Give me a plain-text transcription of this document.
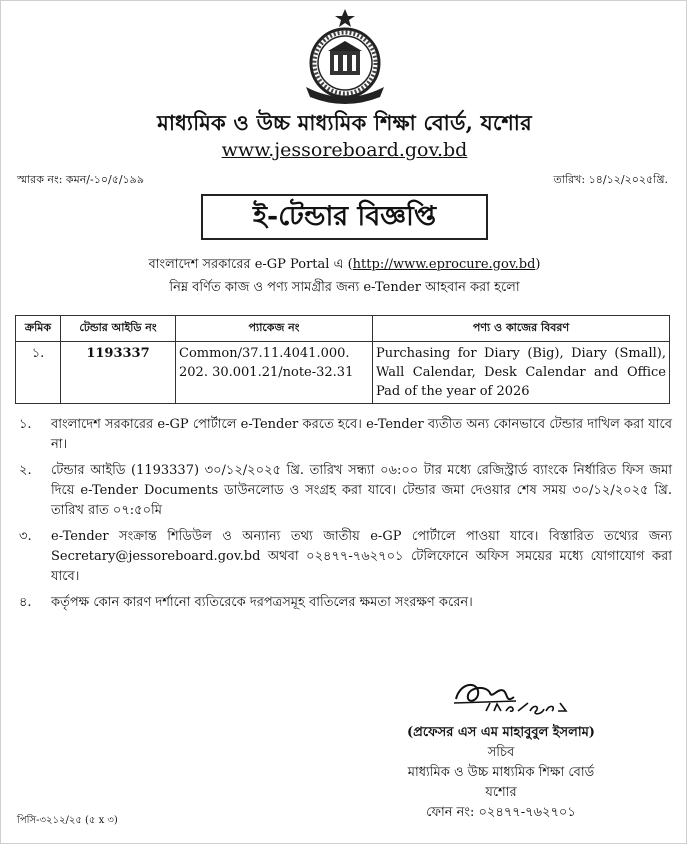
মাধ্যমিক ও উচ্চ মাধ্যমিক শিক্ষা বোর্ড, যশোর
www.jessoreboard.gov.bd
স্মারক নং: কমন/-১০/৫/১৯৯	তারিখ: ১৪/১২/২০২৫খ্রি.
ই-টেন্ডার বিজ্ঞপ্তি
বাংলাদেশ সরকারের e-GP Portal এ (http://www.eprocure.gov.bd)
নিম্ন বর্ণিত কাজ ও পণ্য সামগ্রীর জন্য e-Tender আহবান করা হলো
ক্রমিক	টেন্ডার আইডি নং	প্যাকেজ নং	পণ্য ও কাজের বিবরণ
১.	1193337	Common/37.11.4041.000. 202. 30.001.21/note-32.31	Purchasing for Diary (Big), Diary (Small), Wall Calendar, Desk Calendar and Office Pad of the year of 2026
১. বাংলাদেশ সরকারের e-GP পোর্টালে e-Tender করতে হবে। e-Tender ব্যতীত অন্য কোনভাবে টেন্ডার দাখিল করা যাবে না।
২. টেন্ডার আইডি (1193337) ৩০/১২/২০২৫ খ্রি. তারিখ সন্ধ্যা ০৬:০০ টার মধ্যে রেজিস্ট্রার্ড ব্যাংকে নির্ধারিত ফিস জমা দিয়ে e-Tender Documents ডাউনলোড ও সংগ্রহ করা যাবে। টেন্ডার জমা দেওয়ার শেষ সময় ৩০/১২/২০২৫ খ্রি. তারিখ রাত ০৭:৫০মি
৩. e-Tender সংক্রান্ত শিডিউল ও অন্যান্য তথ্য জাতীয় e-GP পোর্টালে পাওয়া যাবে। বিস্তারিত তথ্যের জন্য Secretary@jessoreboard.gov.bd অথবা ০২৪৭৭-৭৬২৭০১ টেলিফোনে অফিস সময়ের মধ্যে যোগাযোগ করা যাবে।
৪. কর্তৃপক্ষ কোন কারণ দর্শানো ব্যতিরেকে দরপত্রসমূহ বাতিলের ক্ষমতা সংরক্ষণ করেন।
(প্রফেসর এস এম মাহাবুবুল ইসলাম)
সচিব
মাধ্যমিক ও উচ্চ মাধ্যমিক শিক্ষা বোর্ড
যশোর
ফোন নং: ০২৪৭৭-৭৬২৭০১
পিসি-৩২১২/২৫ (৫ x ৩)
